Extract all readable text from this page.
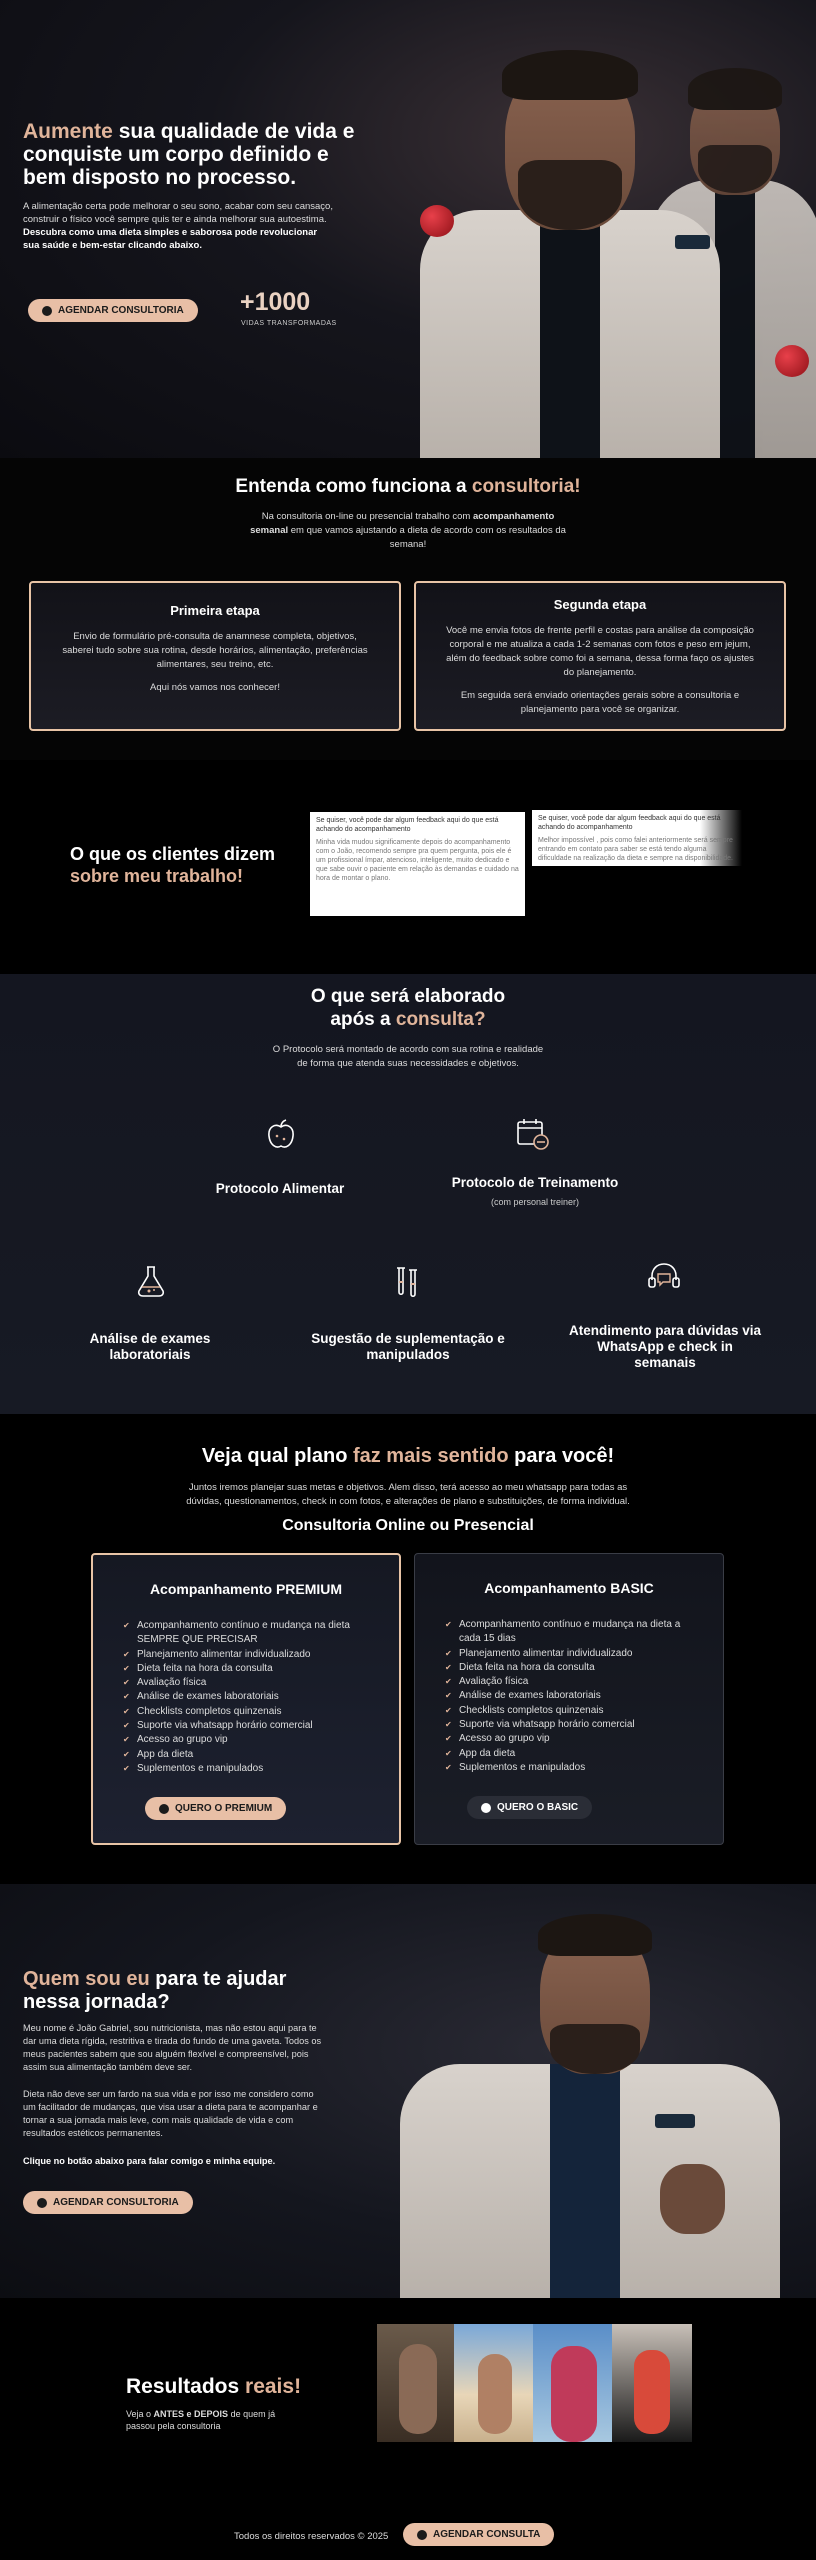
Aumente sua qualidade de vida e conquiste um corpo definido e bem disposto no processo.

A alimentação certa pode melhorar o seu sono, acabar com seu cansaço, construir o físico você sempre quis ter e ainda melhorar sua autoestima. Descubra como uma dieta simples e saborosa pode revolucionar sua saúde e bem-estar clicando abaixo.

AGENDAR CONSULTORIA +1000
VIDAS TRANSFORMADAS
Entenda como funciona a consultoria!
Na consultoria on-line ou presencial trabalho com acompanhamento semanal em que vamos ajustando a dieta de acordo com os resultados da semana!
Primeira etapa

Envio de formulário pré-consulta de anamnese completa, objetivos, saberei tudo sobre sua rotina, desde horários, alimentação, preferências alimentares, seu treino, etc.

Aqui nós vamos nos conhecer!

Segunda etapa

Você me envia fotos de frente perfil e costas para análise da composição corporal e me atualiza a cada 1-2 semanas com fotos e peso em jejum, além do feedback sobre como foi a semana, dessa forma faço os ajustes do planejamento.

Em seguida será enviado orientações gerais sobre a consultoria e planejamento para você se organizar.

O que os clientes dizem
sobre meu trabalho!
Se quiser, você pode dar algum feedback aqui do que está achando do acompanhamento
Minha vida mudou significamente depois do acompanhamento com o João, recomendo sempre pra quem pergunta, pois ele é um profissional ímpar, atencioso, inteligente, muito dedicado e que sabe ouvir o paciente em relação às demandas e cuidado na hora de montar o plano.
Se quiser, você pode dar algum feedback aqui do que está achando do acompanhamento
Melhor impossível , pois como falei anteriormente será sempre entrando em contato para saber se está tendo alguma dificuldade na realização da dieta e sempre na disponibilidade.
O que será elaborado
após a consulta?
O Protocolo será montado de acordo com sua rotina e realidade de forma que atenda suas necessidades e objetivos.
Protocolo Alimentar	Protocolo de Treinamento
(com personal treiner)
Análise de exames laboratoriais
Sugestão de suplementação e manipulados
Atendimento para dúvidas via WhatsApp e check in semanais
Veja qual plano faz mais sentido para você!
Juntos iremos planejar suas metas e objetivos. Alem disso, terá acesso ao meu whatsapp para todas as dúvidas, questionamentos, check in com fotos, e alterações de plano e substituições, de forma individual.
Consultoria Online ou Presencial
Acompanhamento PREMIUM
✔ Acompanhamento contínuo e mudança na dieta SEMPRE QUE PRECISAR
✔ Planejamento alimentar individualizado
✔ Dieta feita na hora da consulta
✔ Avaliação física
✔ Análise de exames laboratoriais
✔ Checklists completos quinzenais
✔ Suporte via whatsapp horário comercial
✔ Acesso ao grupo vip
✔ App da dieta
✔ Suplementos e manipulados
QUERO O PREMIUM
Acompanhamento BASIC
✔ Acompanhamento contínuo e mudança na dieta a cada 15 dias
✔ Planejamento alimentar individualizado
✔ Dieta feita na hora da consulta
✔ Avaliação física
✔ Análise de exames laboratoriais
✔ Checklists completos quinzenais
✔ Suporte via whatsapp horário comercial
✔ Acesso ao grupo vip
✔ App da dieta
✔ Suplementos e manipulados
QUERO O BASIC
Quem sou eu para te ajudar nessa jornada?

Meu nome é João Gabriel, sou nutricionista, mas não estou aqui para te dar uma dieta rígida, restritiva e tirada do fundo de uma gaveta. Todos os meus pacientes sabem que sou alguém flexível e compreensível, pois assim sua alimentação também deve ser.

Dieta não deve ser um fardo na sua vida e por isso me considero como um facilitador de mudanças, que visa usar a dieta para te acompanhar e tornar a sua jornada mais leve, com mais qualidade de vida e com resultados estéticos permanentes.

Clique no botão abaixo para falar comigo e minha equipe.

AGENDAR CONSULTORIA
Resultados reais!

Veja o ANTES e DEPOIS de quem já passou pela consultoria

Todos os direitos reservados © 2025	AGENDAR CONSULTA
